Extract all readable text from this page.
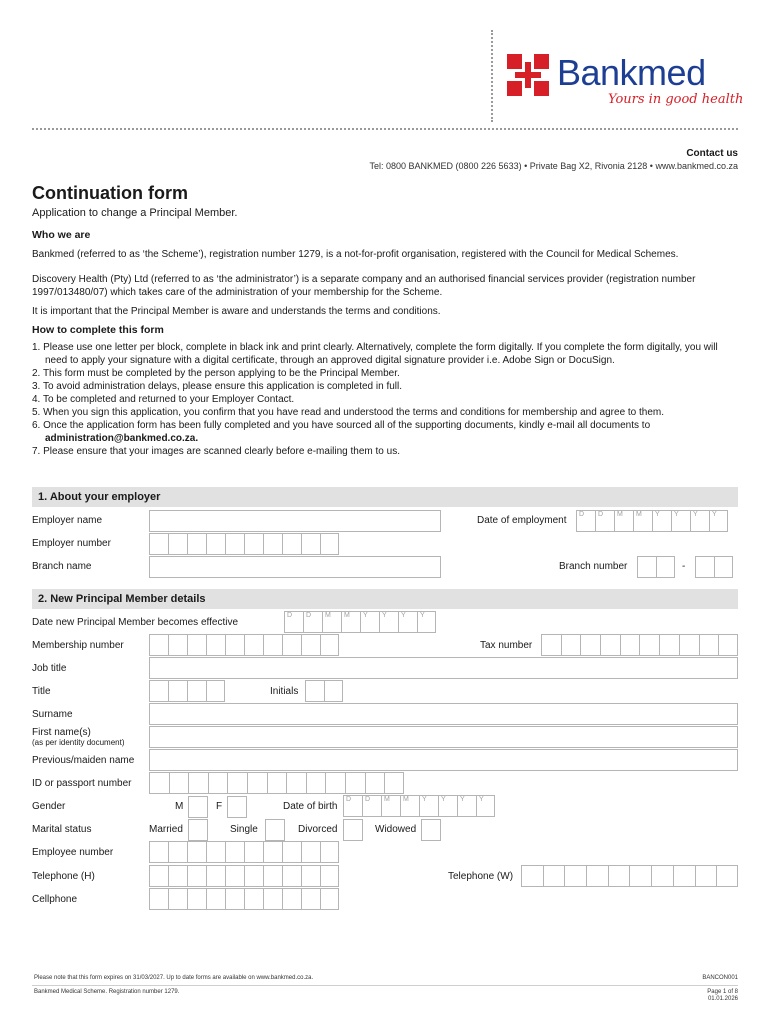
Bankmed
Yours in good health
Contact us
Tel: 0800 BANKMED (0800 226 5633) • Private Bag X2, Rivonia 2128 • www.bankmed.co.za
Continuation form
Application to change a Principal Member.
Who we are
Bankmed (referred to as ‘the Scheme’), registration number 1279, is a not-for-profit organisation, registered with the Council for Medical Schemes.
Discovery Health (Pty) Ltd (referred to as ‘the administrator’) is a separate company and an authorised financial services provider (registration number 1997/013480/07) which takes care of the administration of your membership for the Scheme.
It is important that the Principal Member is aware and understands the terms and conditions.
How to complete this form
1. Please use one letter per block, complete in black ink and print clearly. Alternatively, complete the form digitally. If you complete the form digitally, you will need to apply your signature with a digital certificate, through an approved digital signature provider i.e. Adobe Sign or DocuSign.
2. This form must be completed by the person applying to be the Principal Member.
3. To avoid administration delays, please ensure this application is completed in full.
4. To be completed and returned to your Employer Contact.
5. When you sign this application, you confirm that you have read and understood the terms and conditions for membership and agree to them.
6. Once the application form has been fully completed and you have sourced all of the supporting documents, kindly e-mail all documents to administration@bankmed.co.za.
7. Please ensure that your images are scanned clearly before e-mailing them to us.
1. About your employer
Employer name	Date of employment
D D M M Y Y Y Y
Employer number
Branch name	Branch number	-
2. New Principal Member details
Date new Principal Member becomes effective
D D M M Y Y Y Y
Membership number	Tax number
Job title
Title	Initials
Surname
First name(s)
(as per identity document)
Previous/maiden name
ID or passport number
Gender	M	F	Date of birth
D D M M Y Y Y Y
Marital status	Married	Single	Divorced	Widowed
Employee number
Telephone (H)	Telephone (W)
Cellphone
Please note that this form expires on 31/03/2027. Up to date forms are available on www.bankmed.co.za.	BANCON001
Bankmed Medical Scheme. Registration number 1279.	Page 1 of 8
01.01.2026
